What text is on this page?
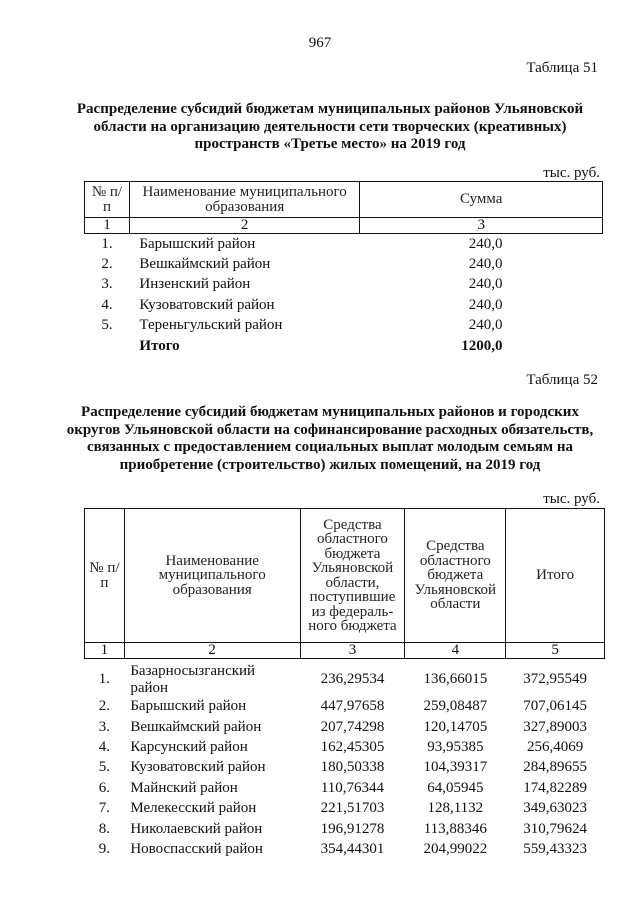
967
Таблица 51
Распределение субсидий бюджетам муниципальных районов Ульяновской области на организацию деятельности сети творческих (креативных) пространств «Третье место» на 2019 год
тыс. руб.
№ п/п	Наименование муниципального образования	Сумма
1	2	3
1.	Барышский район	240,0
2.	Вешкаймский район	240,0
3.	Инзенский район	240,0
4.	Кузоватовский район	240,0
5.	Тереньгульский район	240,0
	Итого	1200,0
Таблица 52
Распределение субсидий бюджетам муниципальных районов и городских округов Ульяновской области на софинансирование расходных обязательств, связанных с предоставлением социальных выплат молодым семьям на приобретение (строительство) жилых помещений, на 2019 год
тыс. руб.
№ п/п	Наименование муниципального образования	Средства областного бюджета Ульяновской области, поступившие из федераль- ного бюджета	Средства областного бюджета Ульяновской области	Итого
1	2	3	4	5

1.	Базарносызганский район	236,29534	136,66015	372,95549
2.	Барышский район	447,97658	259,08487	707,06145
3.	Вешкаймский район	207,74298	120,14705	327,89003
4.	Карсунский район	162,45305	93,95385	256,4069
5.	Кузоватовский район	180,50338	104,39317	284,89655
6.	Майнский район	110,76344	64,05945	174,82289
7.	Мелекесский район	221,51703	128,1132	349,63023
8.	Николаевский район	196,91278	113,88346	310,79624
9.	Новоспасский район	354,44301	204,99022	559,43323
